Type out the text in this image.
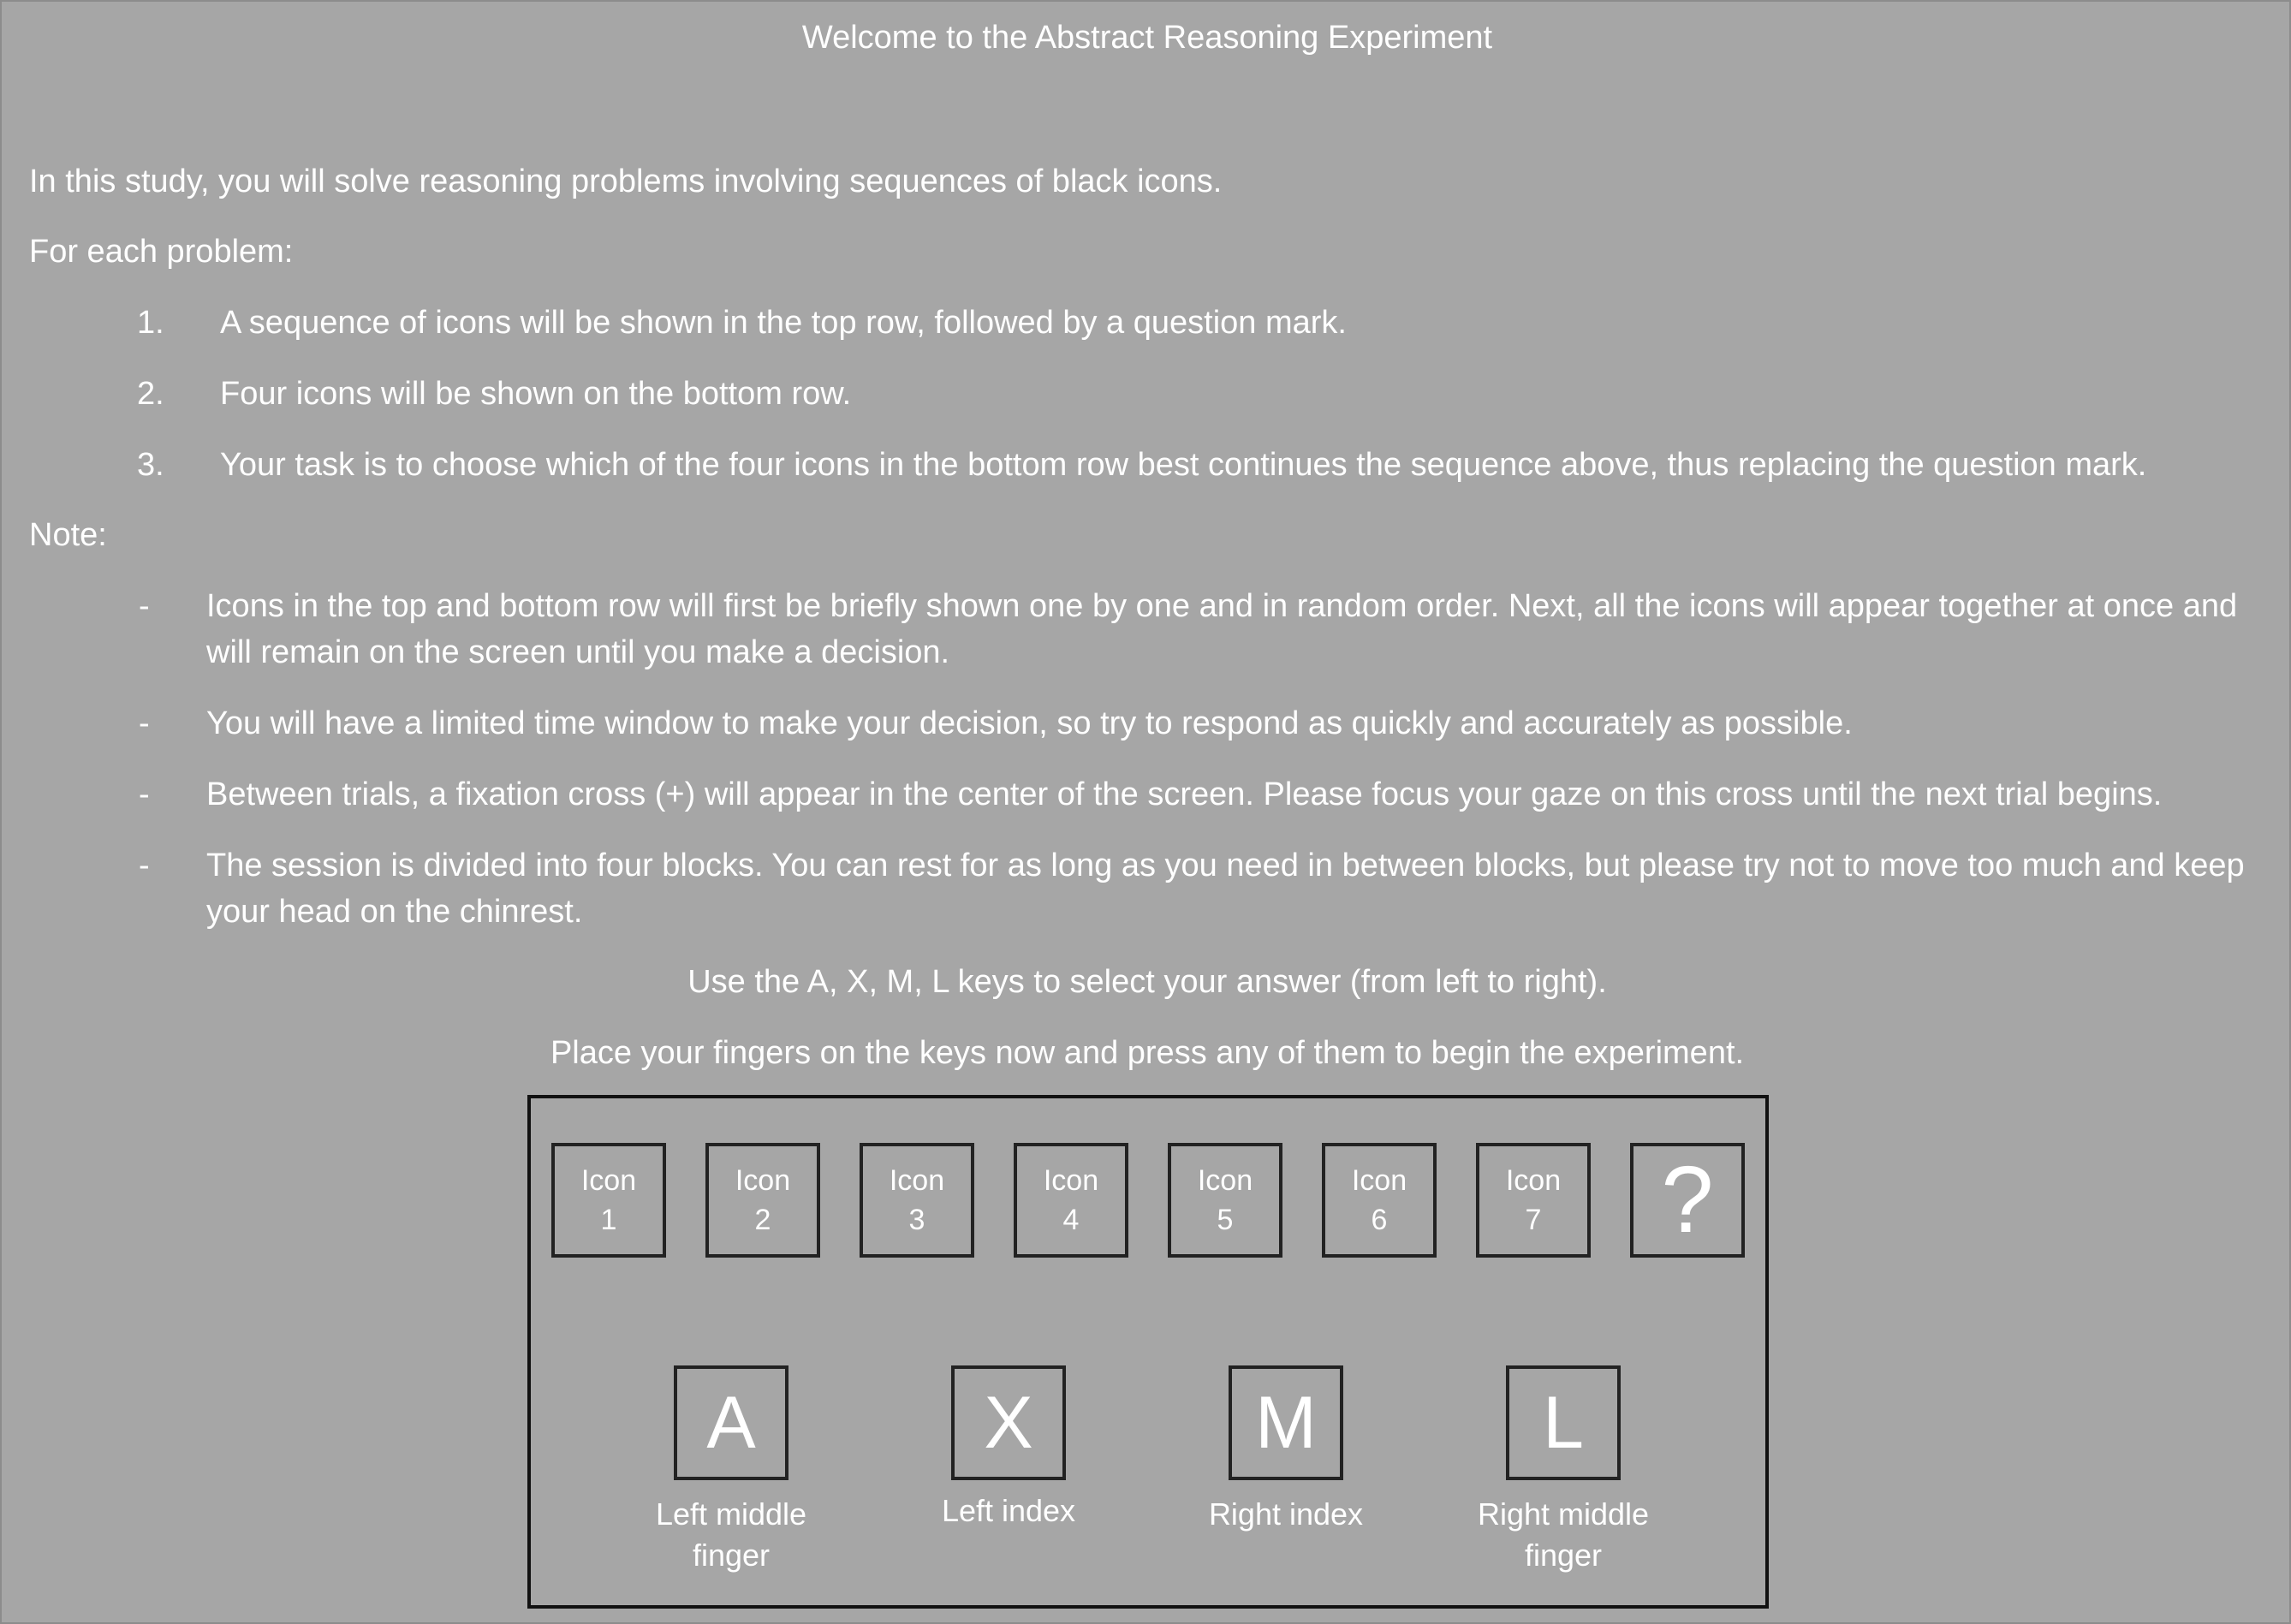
Welcome to the Abstract Reasoning Experiment
In this study, you will solve reasoning problems involving sequences of black icons.
For each problem:
1. A sequence of icons will be shown in the top row, followed by a question mark.
2. Four icons will be shown on the bottom row.
3. Your task is to choose which of the four icons in the bottom row best continues the sequence above, thus replacing the question mark.
Note:
- Icons in the top and bottom row will first be briefly shown one by one and in random order. Next, all the icons will appear together at once and will remain on the screen until you make a decision.
- You will have a limited time window to make your decision, so try to respond as quickly and accurately as possible.
- Between trials, a fixation cross (+) will appear in the center of the screen. Please focus your gaze on this cross until the next trial begins.
- The session is divided into four blocks. You can rest for as long as you need in between blocks, but please try not to move too much and keep your head on the chinrest.
Use the A, X, M, L keys to select your answer (from left to right).
Place your fingers on the keys now and press any of them to begin the experiment.
Icon
1
Icon
2
Icon
3
Icon
4
Icon
5
Icon
6
Icon
7 ?
A
Left middle
finger
X
Left index
M
Right index
L
Right middle
finger
